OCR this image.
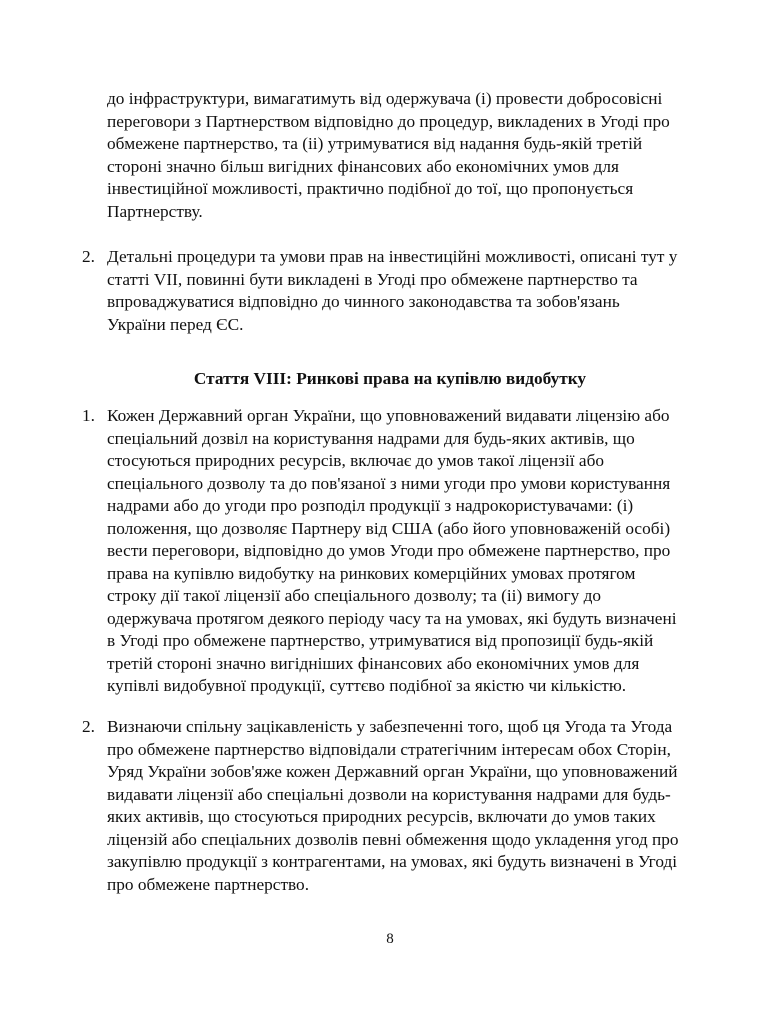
до інфраструктури, вимагатимуть від одержувача (і) провести добросовісні
переговори з Партнерством відповідно до процедур, викладених в Угоді про
обмежене партнерство, та (іі) утримуватися від надання будь-якій третій
стороні значно більш вигідних фінансових або економічних умов для
інвестиційної можливості, практично подібної до тої, що пропонується
Партнерству.
2. Детальні процедури та умови прав на інвестиційні можливості, описані тут у
статті VII, повинні бути викладені в Угоді про обмежене партнерство та
впроваджуватися відповідно до чинного законодавства та зобов'язань
України перед ЄС.
Стаття VIII: Ринкові права на купівлю видобутку
1. Кожен Державний орган України, що уповноважений видавати ліцензію або
спеціальний дозвіл на користування надрами для будь-яких активів, що
стосуються природних ресурсів, включає до умов такої ліцензії або
спеціального дозволу та до пов'язаної з ними угоди про умови користування
надрами або до угоди про розподіл продукції з надрокористувачами: (і)
положення, що дозволяє Партнеру від США (або його уповноваженій особі)
вести переговори, відповідно до умов Угоди про обмежене партнерство, про
права на купівлю видобутку на ринкових комерційних умовах протягом
строку дії такої ліцензії або спеціального дозволу; та (іі) вимогу до
одержувача протягом деякого періоду часу та на умовах, які будуть визначені
в Угоді про обмежене партнерство, утримуватися від пропозиції будь-якій
третій стороні значно вигідніших фінансових або економічних умов для
купівлі видобувної продукції, суттєво подібної за якістю чи кількістю.
2. Визнаючи спільну зацікавленість у забезпеченні того, щоб ця Угода та Угода
про обмежене партнерство відповідали стратегічним інтересам обох Сторін,
Уряд України зобов'яже кожен Державний орган України, що уповноважений
видавати ліцензії або спеціальні дозволи на користування надрами для будь-
яких активів, що стосуються природних ресурсів, включати до умов таких
ліцензій або спеціальних дозволів певні обмеження щодо укладення угод про
закупівлю продукції з контрагентами, на умовах, які будуть визначені в Угоді
про обмежене партнерство.
8
